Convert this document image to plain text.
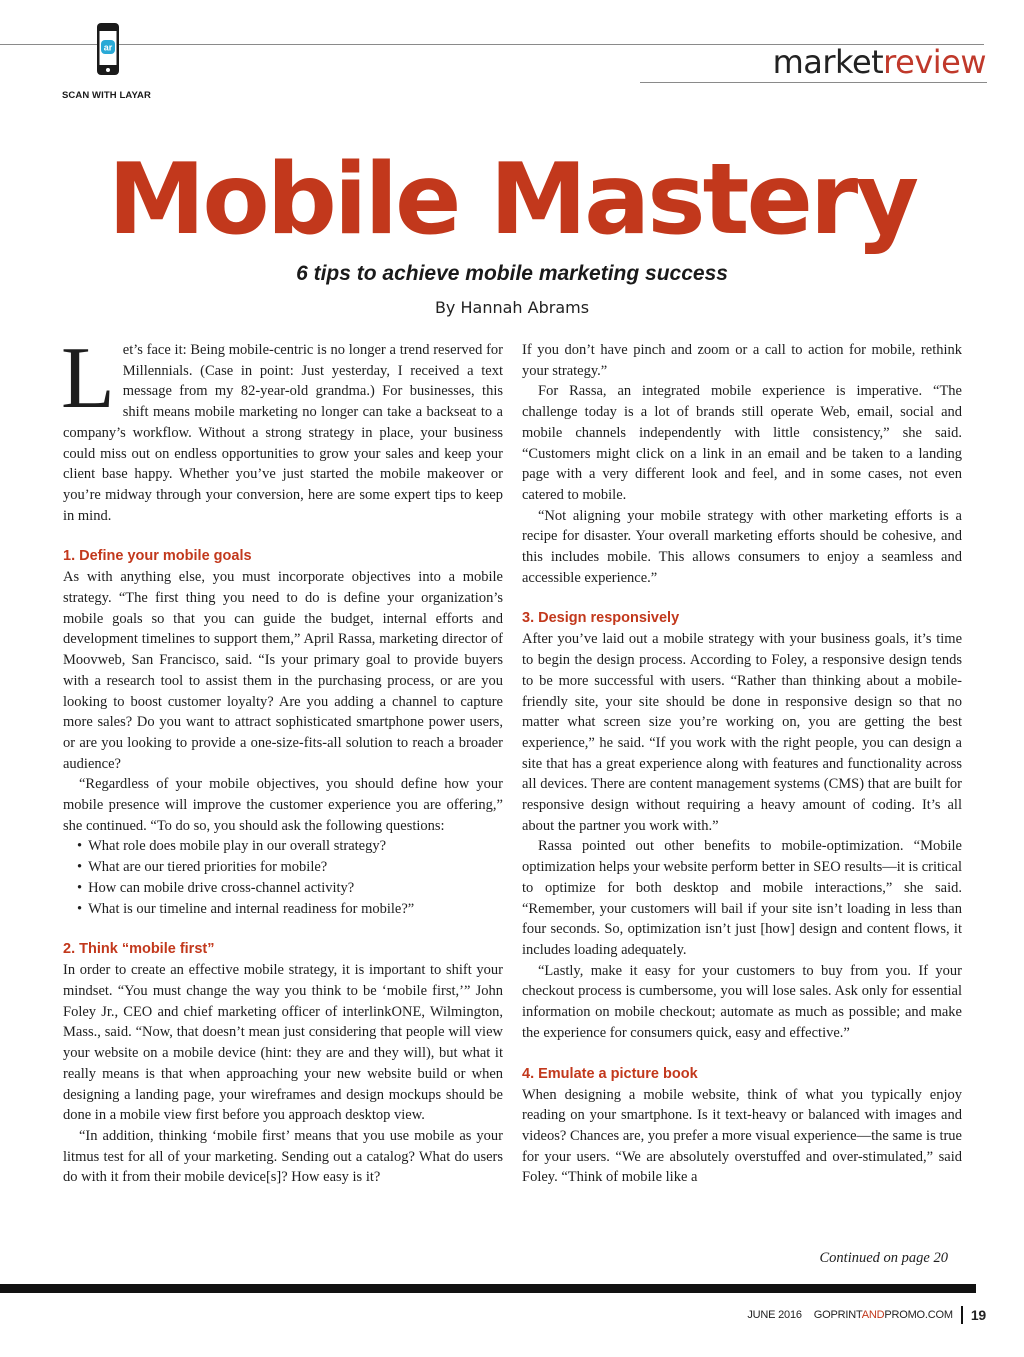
ar
SCAN WITH LAYAR
marketreview
Mobile Mastery
6 tips to achieve mobile marketing success
By Hannah Abrams

Let’s face it: Being mobile-centric is no longer a trend reserved for Millennials. (Case in point: Just yesterday, I received a text message from my 82-year-old grandma.) For businesses, this shift means mobile marketing no longer can take a backseat to a company’s workflow. Without a strong strategy in place, your business could miss out on endless opportunities to grow your sales and keep your client base happy. Whether you’ve just started the mobile makeover or you’re midway through your conversion, here are some expert tips to keep in mind.

1. Define your mobile goals

As with anything else, you must incorporate objectives into a mobile strategy. “The first thing you need to do is define your organization’s mobile goals so that you can guide the budget, internal efforts and development timelines to support them,” April Rassa, marketing director of Moovweb, San Francisco, said. “Is your primary goal to provide buyers with a research tool to assist them in the purchasing process, or are you looking to boost customer loyalty? Are you adding a channel to capture more sales? Do you want to attract sophisticated smartphone power users, or are you looking to provide a one-size-fits-all solution to reach a broader audience?

“Regardless of your mobile objectives, you should define how your mobile presence will improve the customer experience you are offering,” she continued. “To do so, you should ask the following questions:

• What role does mobile play in our overall strategy?
• What are our tiered priorities for mobile?
• How can mobile drive cross-channel activity?
• What is our timeline and internal readiness for mobile?”
2. Think “mobile first”

In order to create an effective mobile strategy, it is important to shift your mindset. “You must change the way you think to be ‘mobile first,’” John Foley Jr., CEO and chief marketing officer of interlinkONE, Wilmington, Mass., said. “Now, that doesn’t mean just considering that people will view your website on a mobile device (hint: they are and they will), but what it really means is that when approaching your new website build or when designing a landing page, your wireframes and design mockups should be done in a mobile view first before you approach desktop view.

“In addition, thinking ‘mobile first’ means that you use mobile as your litmus test for all of your marketing. Sending out a catalog? What do users do with it from their mobile device[s]? How easy is it?

If you don’t have pinch and zoom or a call to action for mobile, rethink your strategy.”

For Rassa, an integrated mobile experience is imperative. “The challenge today is a lot of brands still operate Web, email, social and mobile channels independently with little consistency,” she said. “Customers might click on a link in an email and be taken to a landing page with a very different look and feel, and in some cases, not even catered to mobile.

“Not aligning your mobile strategy with other marketing efforts is a recipe for disaster. Your overall marketing efforts should be cohesive, and this includes mobile. This allows consumers to enjoy a seamless and accessible experience.”

3. Design responsively

After you’ve laid out a mobile strategy with your business goals, it’s time to begin the design process. According to Foley, a responsive design tends to be more successful with users. “Rather than thinking about a mobile-friendly site, your site should be done in responsive design so that no matter what screen size you’re working on, you are getting the best experience,” he said. “If you work with the right people, you can design a site that has a great experience along with features and functionality across all devices. There are content management systems (CMS) that are built for responsive design without requiring a heavy amount of coding. It’s all about the partner you work with.”

Rassa pointed out other benefits to mobile-optimization. “Mobile optimization helps your website perform better in SEO results—it is critical to optimize for both desktop and mobile interactions,” she said. “Remember, your customers will bail if your site isn’t loading in less than four seconds. So, optimization isn’t just [how] design and content flows, it includes loading adequately.

“Lastly, make it easy for your customers to buy from you. If your checkout process is cumbersome, you will lose sales. Ask only for essential information on mobile checkout; automate as much as possible; and make the experience for consumers quick, easy and effective.”

4. Emulate a picture book

When designing a mobile website, think of what you typically enjoy reading on your smartphone. Is it text-heavy or balanced with images and videos? Chances are, you prefer a more visual experience—the same is true for your users. “We are absolutely overstuffed and over-stimulated,” said Foley. “Think of mobile like a

Continued on page 20
JUNE 2016 GOPRINTANDPROMO.COM 19
